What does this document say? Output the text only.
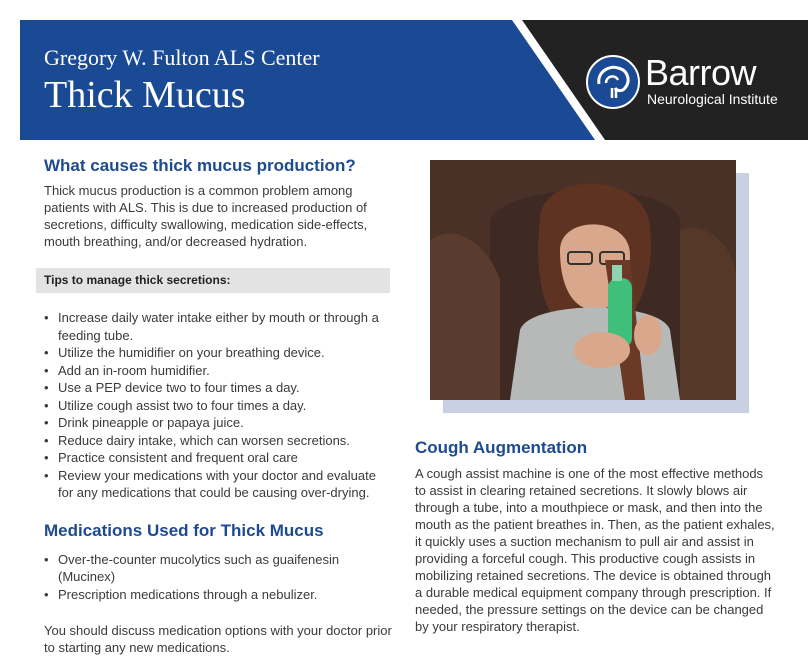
Gregory W. Fulton ALS Center
Thick Mucus
Barrow
Neurological Institute
What causes thick mucus production?
Thick mucus production is a common problem among patients with ALS. This is due to increased production of secretions, difficulty swallowing, medication side-effects, mouth breathing, and/or decreased hydration.
Tips to manage thick secretions:
• Increase daily water intake either by mouth or through a feeding tube.
• Utilize the humidifier on your breathing device.
• Add an in-room humidifier.
• Use a PEP device two to four times a day.
• Utilize cough assist two to four times a day.
• Drink pineapple or papaya juice.
• Reduce dairy intake, which can worsen secretions.
• Practice consistent and frequent oral care
• Review your medications with your doctor and evaluate for any medications that could be causing over-drying.
Medications Used for Thick Mucus
• Over-the-counter mucolytics such as guaifenesin (Mucinex)
• Prescription medications through a nebulizer.
You should discuss medication options with your doctor prior to starting any new medications.
Cough Augmentation
A cough assist machine is one of the most effective methods to assist in clearing retained secretions. It slowly blows air through a tube, into a mouthpiece or mask, and then into the mouth as the patient breathes in. Then, as the patient exhales, it quickly uses a suction mechanism to pull air and assist in providing a forceful cough. This productive cough assists in mobilizing retained secretions. The device is obtained through a durable medical equipment company through prescription. If needed, the pressure settings on the device can be changed by your respiratory therapist.
